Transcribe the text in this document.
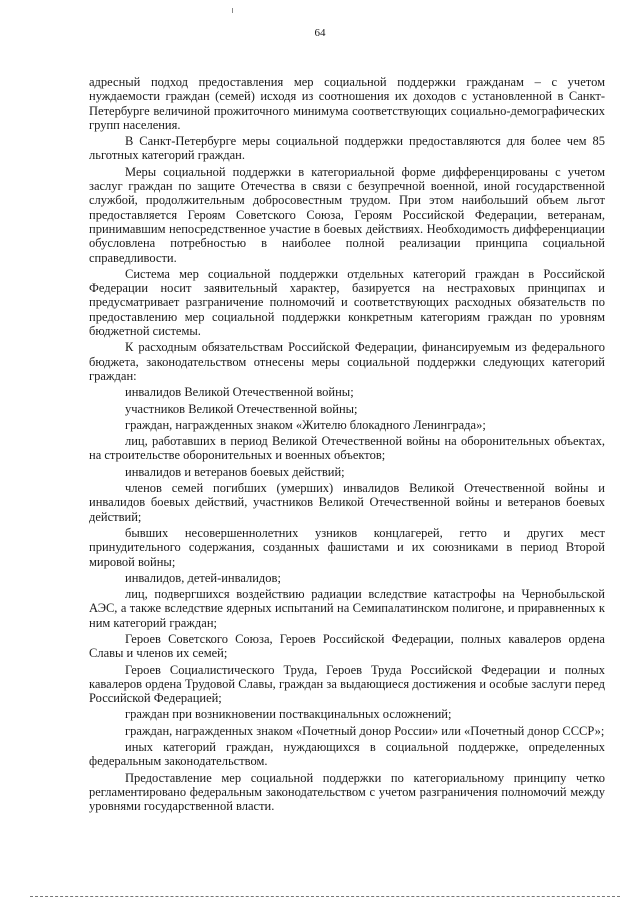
64

адресный подход предоставления мер социальной поддержки гражданам – с учетом нуждаемости граждан (семей) исходя из соотношения их доходов с установленной в Санкт-Петербурге величиной прожиточного минимума соответствующих социально-демографических групп населения.

В Санкт-Петербурге меры социальной поддержки предоставляются для более чем 85 льготных категорий граждан.

Меры социальной поддержки в категориальной форме дифференцированы с учетом заслуг граждан по защите Отечества в связи с безупречной военной, иной государственной службой, продолжительным добросовестным трудом. При этом наибольший объем льгот предоставляется Героям Советского Союза, Героям Российской Федерации, ветеранам, принимавшим непосредственное участие в боевых действиях. Необходимость дифференциации обусловлена потребностью в наиболее полной реализации принципа социальной справедливости.

Система мер социальной поддержки отдельных категорий граждан в Российской Федерации носит заявительный характер, базируется на нестраховых принципах и предусматривает разграничение полномочий и соответствующих расходных обязательств по предоставлению мер социальной поддержки конкретным категориям граждан по уровням бюджетной системы.

К расходным обязательствам Российской Федерации, финансируемым из федерального бюджета, законодательством отнесены меры социальной поддержки следующих категорий граждан:

инвалидов Великой Отечественной войны;

участников Великой Отечественной войны;

граждан, награжденных знаком «Жителю блокадного Ленинграда»;

лиц, работавших в период Великой Отечественной войны на оборонительных объектах, на строительстве оборонительных и военных объектов;

инвалидов и ветеранов боевых действий;

членов семей погибших (умерших) инвалидов Великой Отечественной войны и инвалидов боевых действий, участников Великой Отечественной войны и ветеранов боевых действий;

бывших несовершеннолетних узников концлагерей, гетто и других мест принудительного содержания, созданных фашистами и их союзниками в период Второй мировой войны;

инвалидов, детей-инвалидов;

лиц, подвергшихся воздействию радиации вследствие катастрофы на Чернобыльской АЭС, а также вследствие ядерных испытаний на Семипалатинском полигоне, и приравненных к ним категорий граждан;

Героев Советского Союза, Героев Российской Федерации, полных кавалеров ордена Славы и членов их семей;

Героев Социалистического Труда, Героев Труда Российской Федерации и полных кавалеров ордена Трудовой Славы, граждан за выдающиеся достижения и особые заслуги перед Российской Федерацией;

граждан при возникновении поствакцинальных осложнений;

граждан, награжденных знаком «Почетный донор России» или «Почетный донор СССР»;

иных категорий граждан, нуждающихся в социальной поддержке, определенных федеральным законодательством.

Предоставление мер социальной поддержки по категориальному принципу четко регламентировано федеральным законодательством с учетом разграничения полномочий между уровнями государственной власти.
